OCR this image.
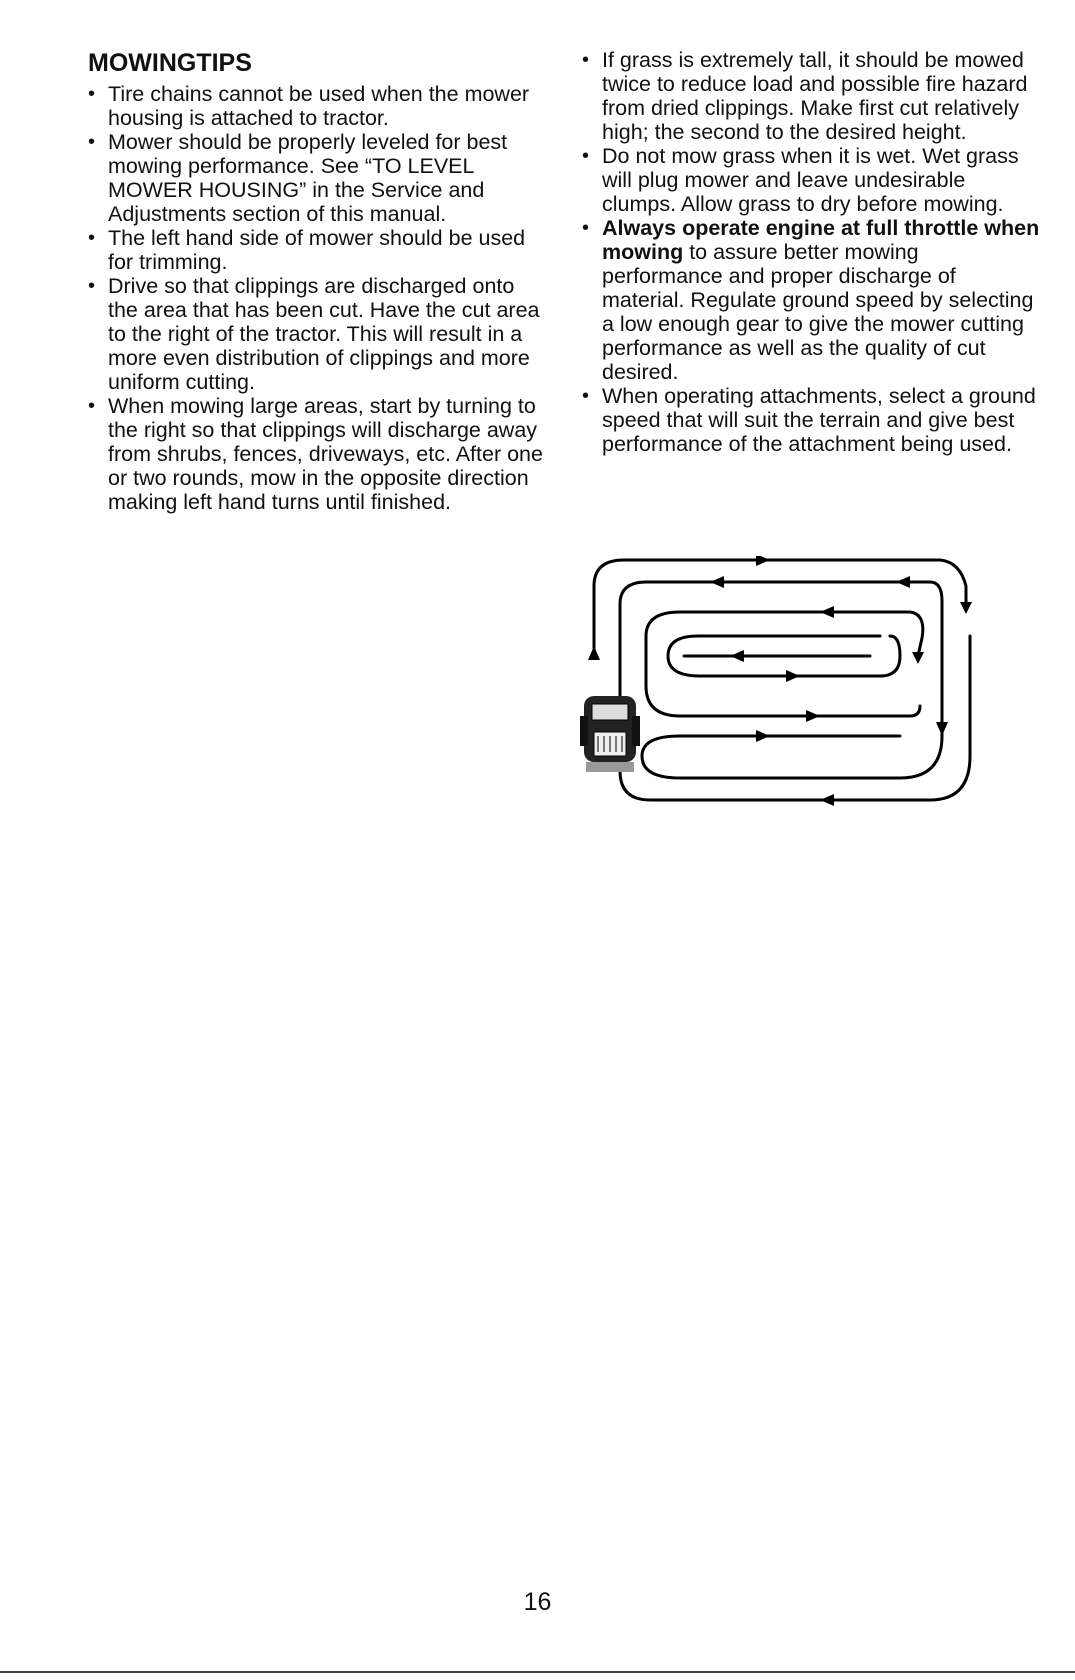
MOWINGTIPS
• Tire chains cannot be used when the mower housing is attached to tractor.
• Mower should be properly leveled for best mowing performance. See “TO LEVEL MOWER HOUSING” in the Service and Adjustments section of this manual.
• The left hand side of mower should be used for trimming.
• Drive so that clippings are discharged onto the area that has been cut. Have the cut area to the right of the tractor. This will result in a more even distribution of clippings and more uniform cutting.
• When mowing large areas, start by turning to the right so that clippings will discharge away from shrubs, fences, driveways, etc. After one or two rounds, mow in the opposite direction making left hand turns until finished.
• If grass is extremely tall, it should be mowed twice to reduce load and possible fire hazard from dried clippings. Make first cut relatively high; the second to the desired height.
• Do not mow grass when it is wet. Wet grass will plug mower and leave undesirable clumps. Allow grass to dry before mowing.
• Always operate engine at full throttle when mowing to assure better mowing performance and proper discharge of material. Regulate ground speed by selecting a low enough gear to give the mower cutting performance as well as the quality of cut desired.
• When operating attachments, select a ground speed that will suit the terrain and give best performance of the attachment being used.
16
